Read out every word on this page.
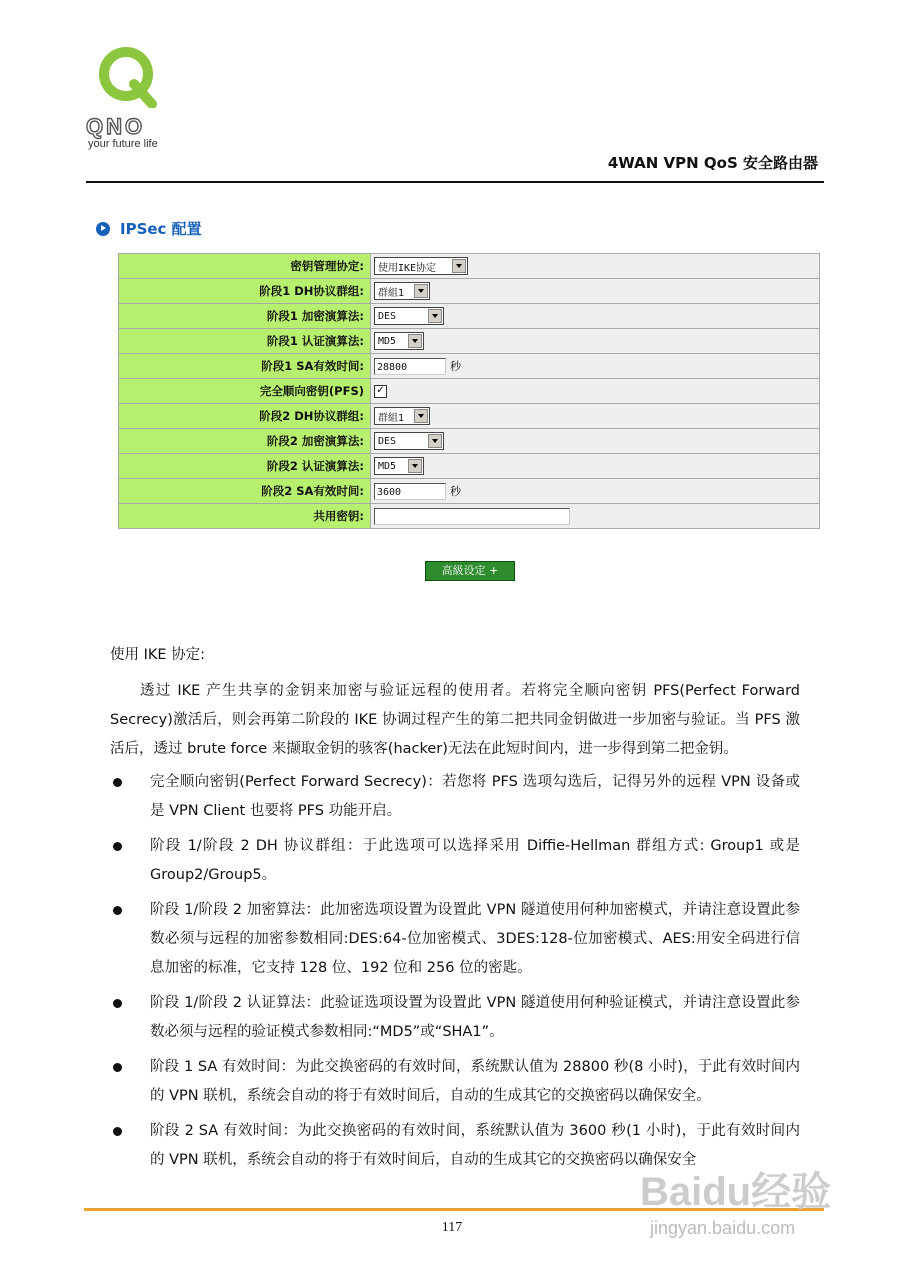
QNO
your future life
4WAN VPN QoS 安全路由器
IPSec 配置
密钥管理协定:	使用IKE协定

阶段1 DH协议群组:	群組1

阶段1 加密演算法:	DES

阶段1 认证演算法:	MD5

阶段1 SA有效时间:	28800 秒
完全顺向密钥(PFS)	✓
阶段2 DH协议群组:	群組1

阶段2 加密演算法:	DES

阶段2 认证演算法:	MD5

阶段2 SA有效时间:	3600 秒
共用密钥:	
高級设定 +
使用 IKE 协定:
透过 IKE 产生共享的金钥来加密与验证远程的使用者。若将完全顺向密钥 PFS(Perfect Forward Secrecy)激活后，则会再第二阶段的 IKE 协调过程产生的第二把共同金钥做进一步加密与验证。当 PFS 激活后，透过 brute force 来撷取金钥的骇客(hacker)无法在此短时间内，进一步得到第二把金钥。
完全顺向密钥(Perfect Forward Secrecy)：若您将 PFS 选项勾选后，记得另外的远程 VPN 设备或是 VPN Client 也要将 PFS 功能开启。
阶段 1/阶段 2 DH 协议群组：于此选项可以选择采用 Diffie-Hellman 群组方式: Group1 或是 Group2/Group5。
阶段 1/阶段 2 加密算法：此加密选项设置为设置此 VPN 隧道使用何种加密模式，并请注意设置此参数必须与远程的加密参数相同:DES:64-位加密模式、3DES:128-位加密模式、AES:用安全码进行信息加密的标准，它支持 128 位、192 位和 256 位的密匙。
阶段 1/阶段 2 认证算法：此验证选项设置为设置此 VPN 隧道使用何种验证模式，并请注意设置此参数必须与远程的验证模式参数相同:“MD5”或“SHA1”。
阶段 1 SA 有效时间：为此交换密码的有效时间，系统默认值为 28800 秒(8 小时)，于此有效时间内的 VPN 联机，系统会自动的将于有效时间后，自动的生成其它的交换密码以确保安全。
阶段 2 SA 有效时间：为此交换密码的有效时间，系统默认值为 3600 秒(1 小时)，于此有效时间内的 VPN 联机，系统会自动的将于有效时间后，自动的生成其它的交换密码以确保安全
117
Baidu经验
jingyan.baidu.com
